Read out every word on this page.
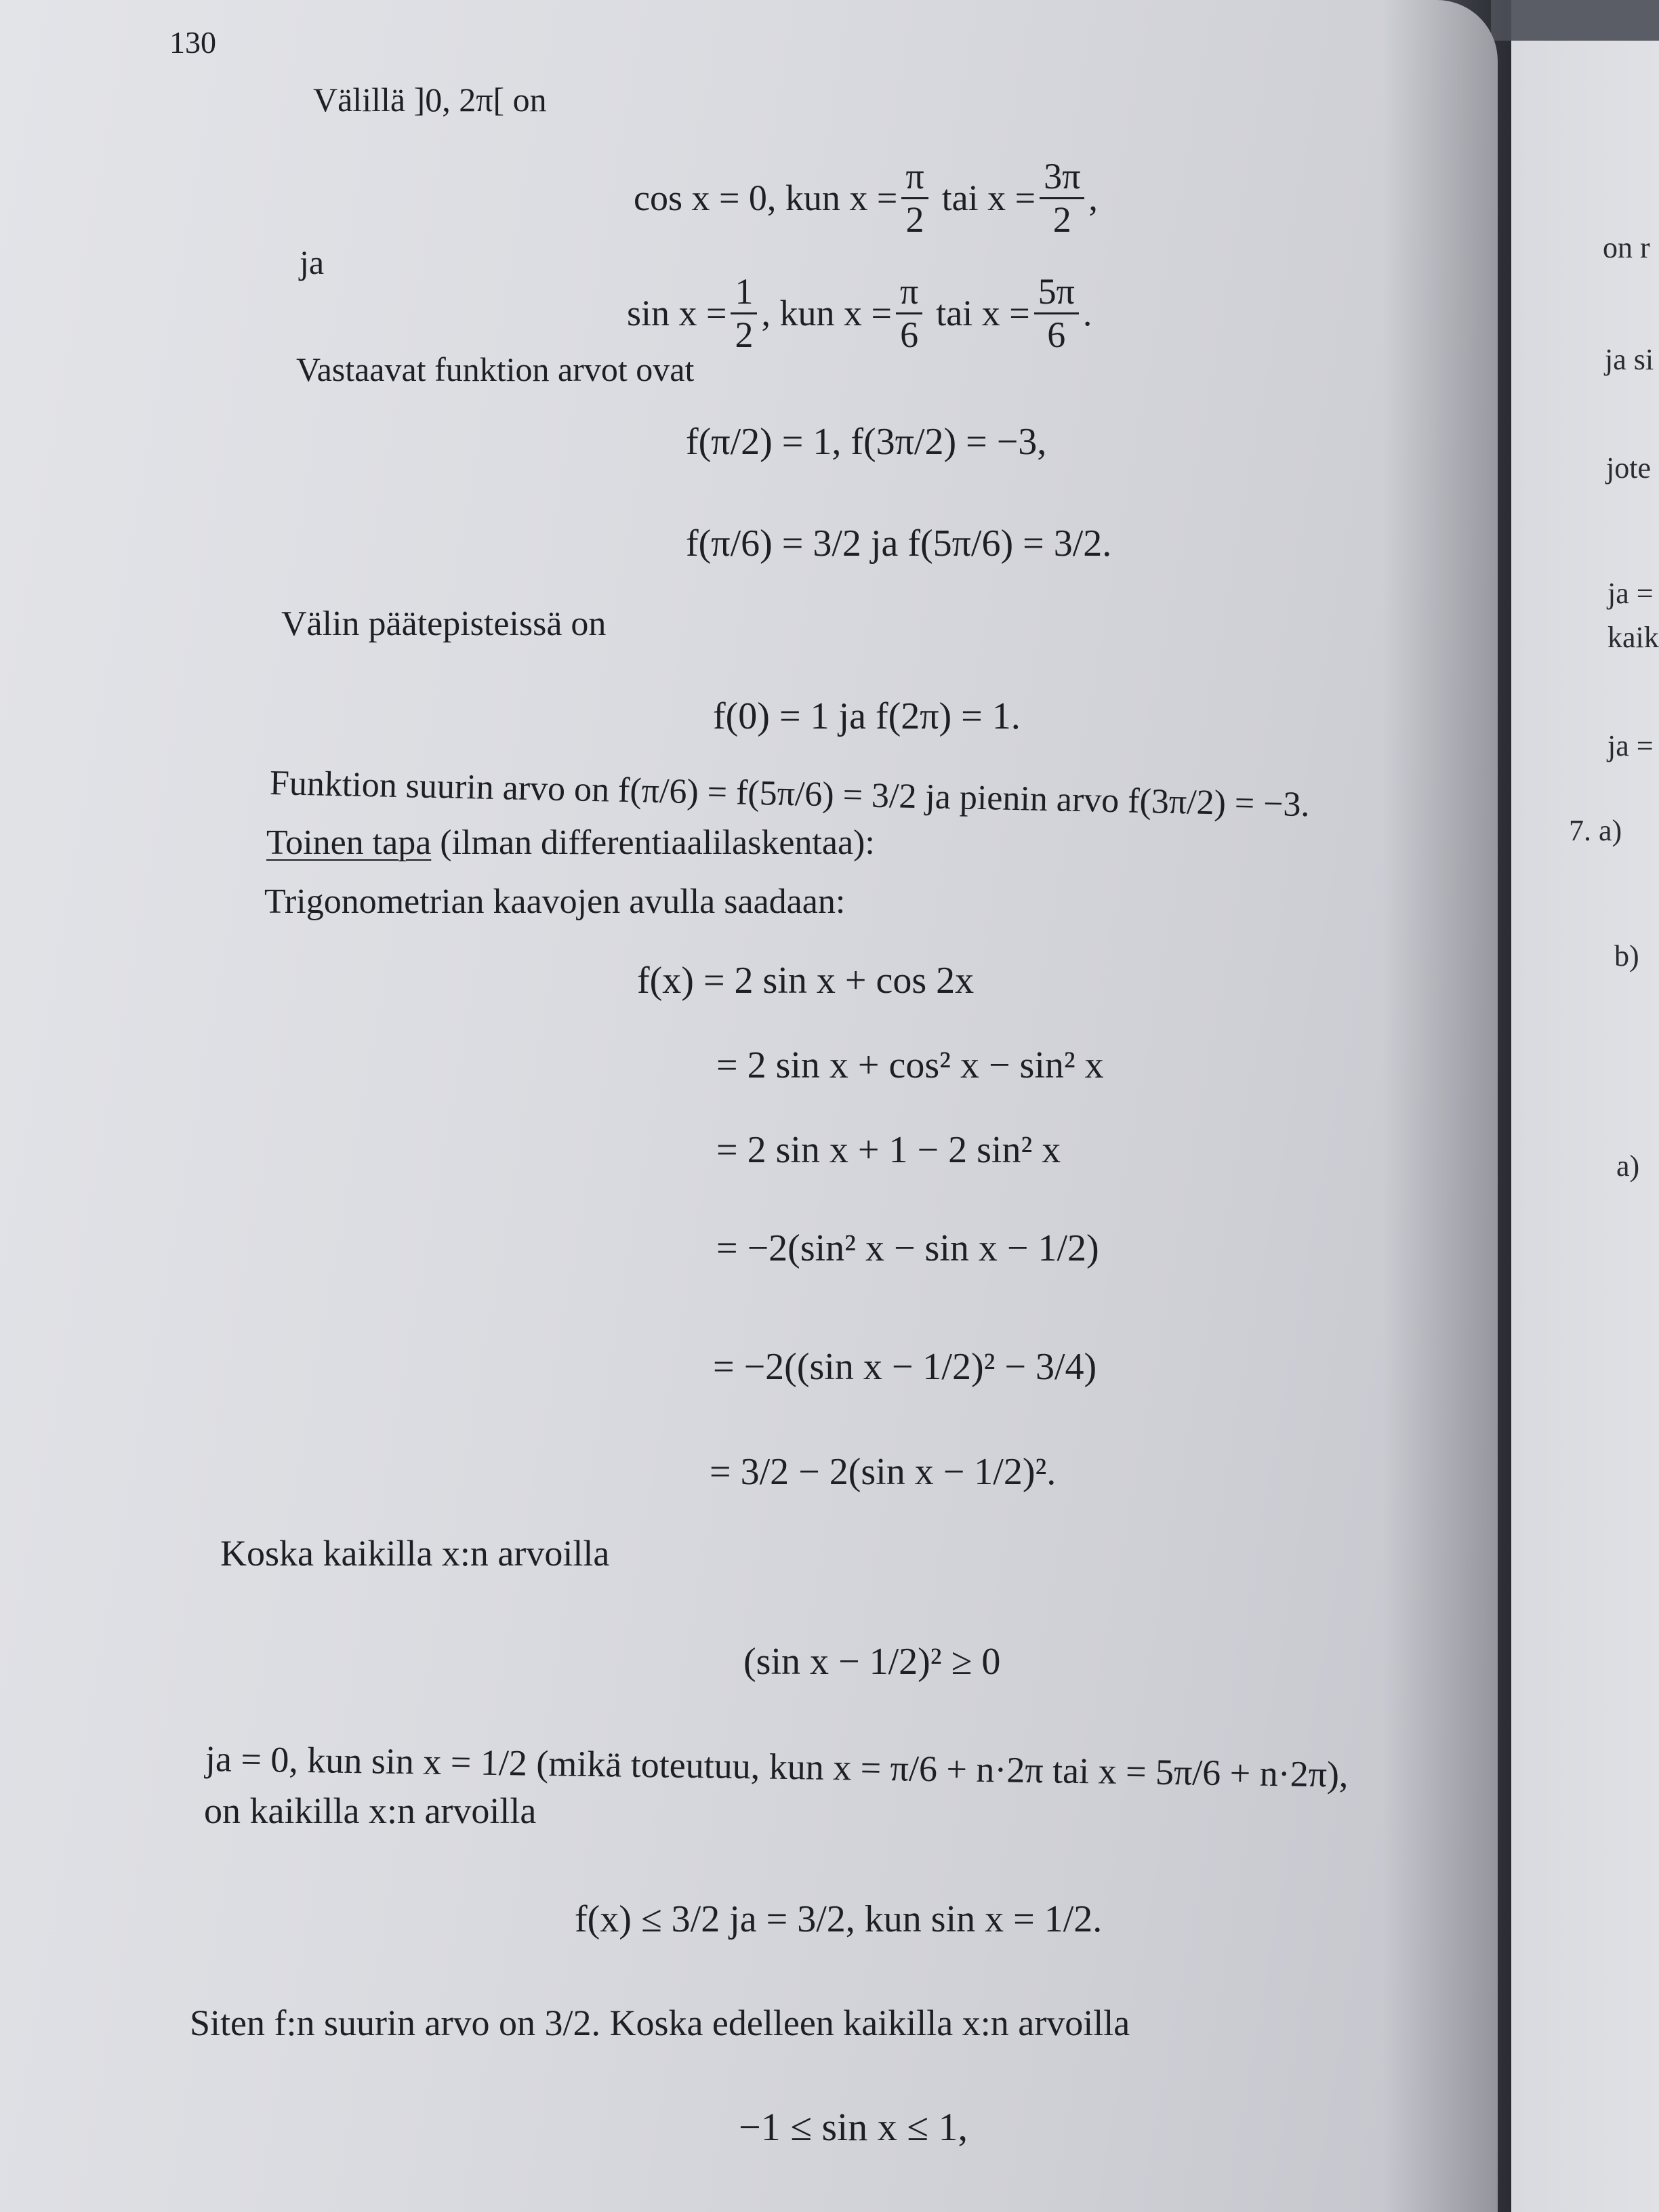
130
Välillä ]0, 2π[ on
cos x = 0, kun $x = \frac{\pi}{2}$ tai $x = \frac{3\pi}{2}$ ,
ja
$\sin x = \frac{1}{2}$ , kun $x = \frac{\pi}{6}$ tai $x = \frac{5\pi}{6}$ .
Vastaavat funktion arvot ovat
f(π/2) = 1, f(3π/2) = −3,
f(π/6) = 3/2 ja f(5π/6) = 3/2.
Välin päätepisteissä on
f(0) = 1 ja f(2π) = 1.
Funktion suurin arvo on f(π/6) = f(5π/6) = 3/2 ja pienin arvo f(3π/2) = −3.
Toinen tapa (ilman differentiaalilaskentaa):
Trigonometrian kaavojen avulla saadaan:
f(x) = 2 sin x + cos 2x
= 2 sin x + cos² x − sin² x
= 2 sin x + 1 − 2 sin² x
= −2(sin² x − sin x − 1/2)
= −2((sin x − 1/2)² − 3/4)
= 3/2 − 2(sin x − 1/2)².
Koska kaikilla x:n arvoilla
(sin x − 1/2)² ≥ 0
ja = 0, kun sin x = 1/2 (mikä toteutuu, kun x = π/6 + n·2π tai x = 5π/6 + n·2π),
on kaikilla x:n arvoilla
f(x) ≤ 3/2 ja = 3/2, kun sin x = 1/2.
Siten f:n suurin arvo on 3/2. Koska edelleen kaikilla x:n arvoilla
−1 ≤ sin x ≤ 1,
on r
ja si
jote
ja =
kaik
ja =
7. a)
b)
a)
